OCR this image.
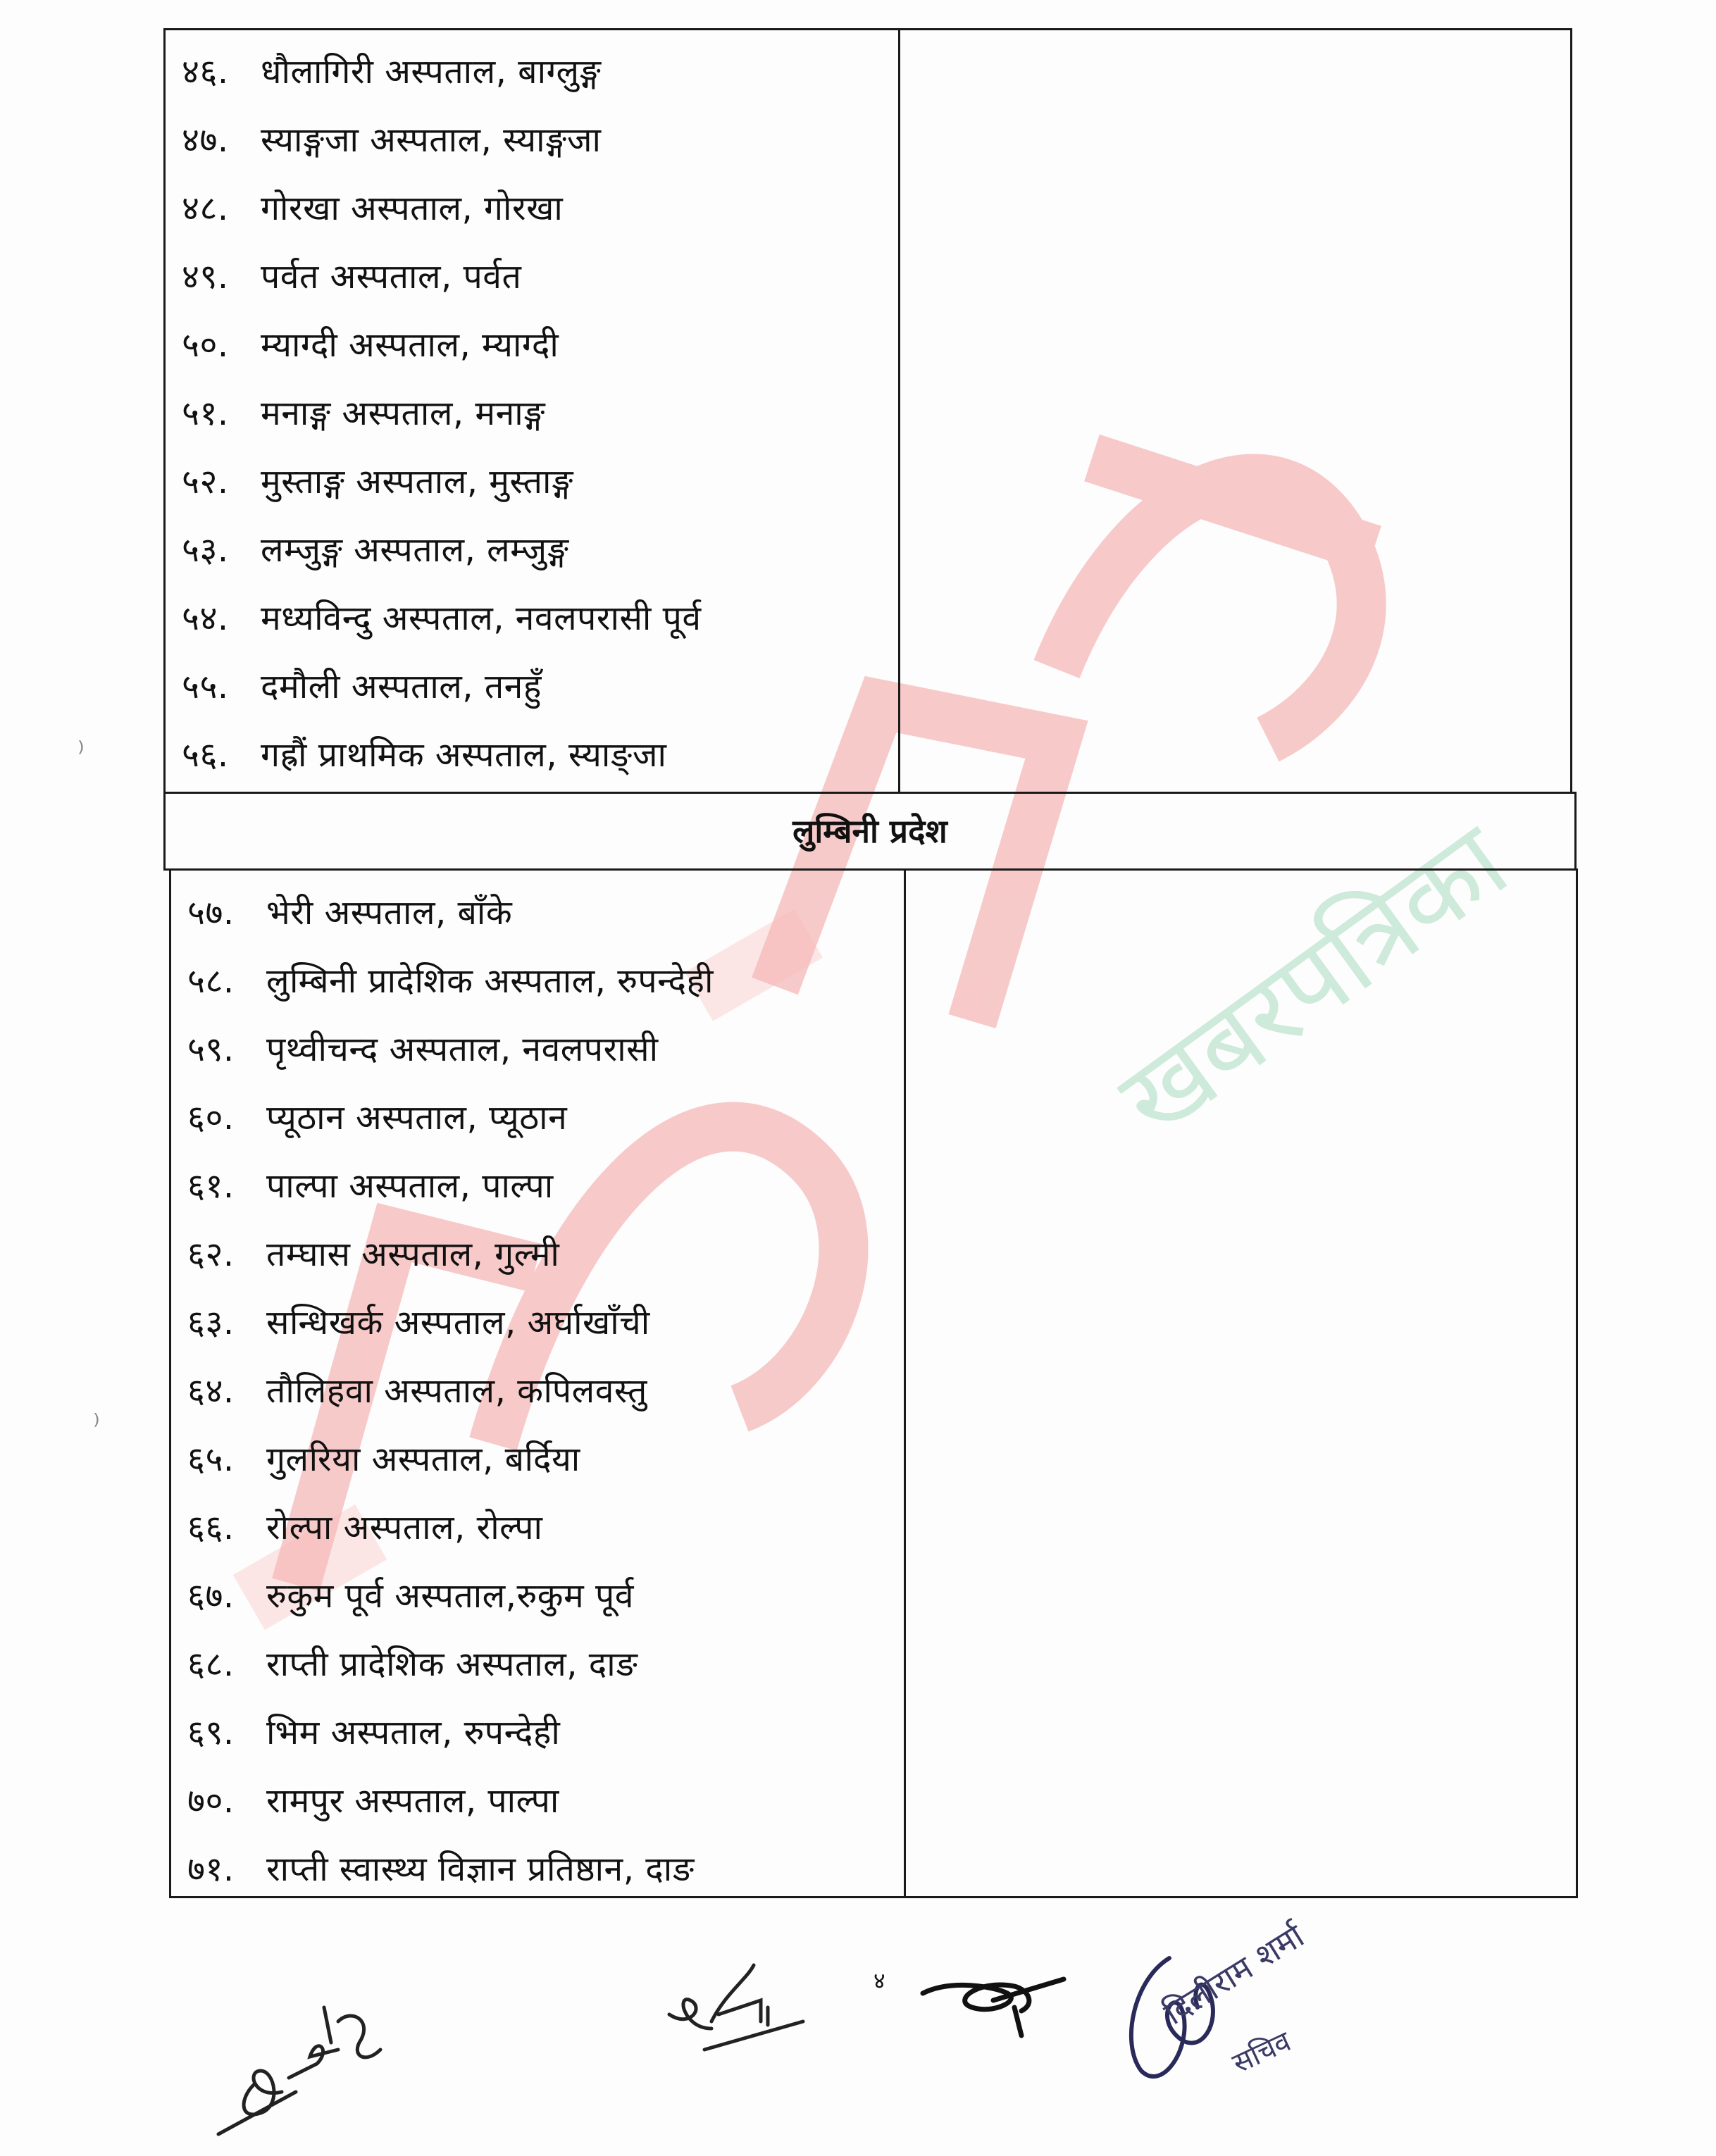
खबरपत्रिका
४६. धौलागिरी अस्पताल, बाग्लुङ्ग
४७. स्याङ्गजा अस्पताल, स्याङ्गजा
४८. गोरखा अस्पताल, गोरखा
४९. पर्वत अस्पताल, पर्वत
५०. म्याग्दी अस्पताल, म्याग्दी
५१. मनाङ्ग अस्पताल, मनाङ्ग
५२. मुस्ताङ्ग अस्पताल, मुस्ताङ्ग
५३. लम्जुङ्ग अस्पताल, लम्जुङ्ग
५४. मध्यविन्दु अस्पताल, नवलपरासी पूर्व
५५. दमौली अस्पताल, तनहुँ
५६. गह्रौं प्राथमिक अस्पताल, स्याङ्जा
लुम्बिनी प्रदेश
५७. भेरी अस्पताल, बाँके
५८. लुम्बिनी प्रादेशिक अस्पताल, रुपन्देही
५९. पृथ्वीचन्द अस्पताल, नवलपरासी
६०. प्यूठान अस्पताल, प्यूठान
६१. पाल्पा अस्पताल, पाल्पा
६२. तम्घास अस्पताल, गुल्मी
६३. सन्धिखर्क अस्पताल, अर्घाखाँची
६४. तौलिहवा अस्पताल, कपिलवस्तु
६५. गुलरिया अस्पताल, बर्दिया
६६. रोल्पा अस्पताल, रोल्पा
६७. रुकुम पूर्व अस्पताल,रुकुम पूर्व
६८. राप्ती प्रादेशिक अस्पताल, दाङ
६९. भिम अस्पताल, रुपन्देही
७०. रामपुर अस्पताल, पाल्पा
७१. राप्ती स्वास्थ्य विज्ञान प्रतिष्ठान, दाङ
⁾
⁾
४	दिलीराम शर्मा
सचिव
